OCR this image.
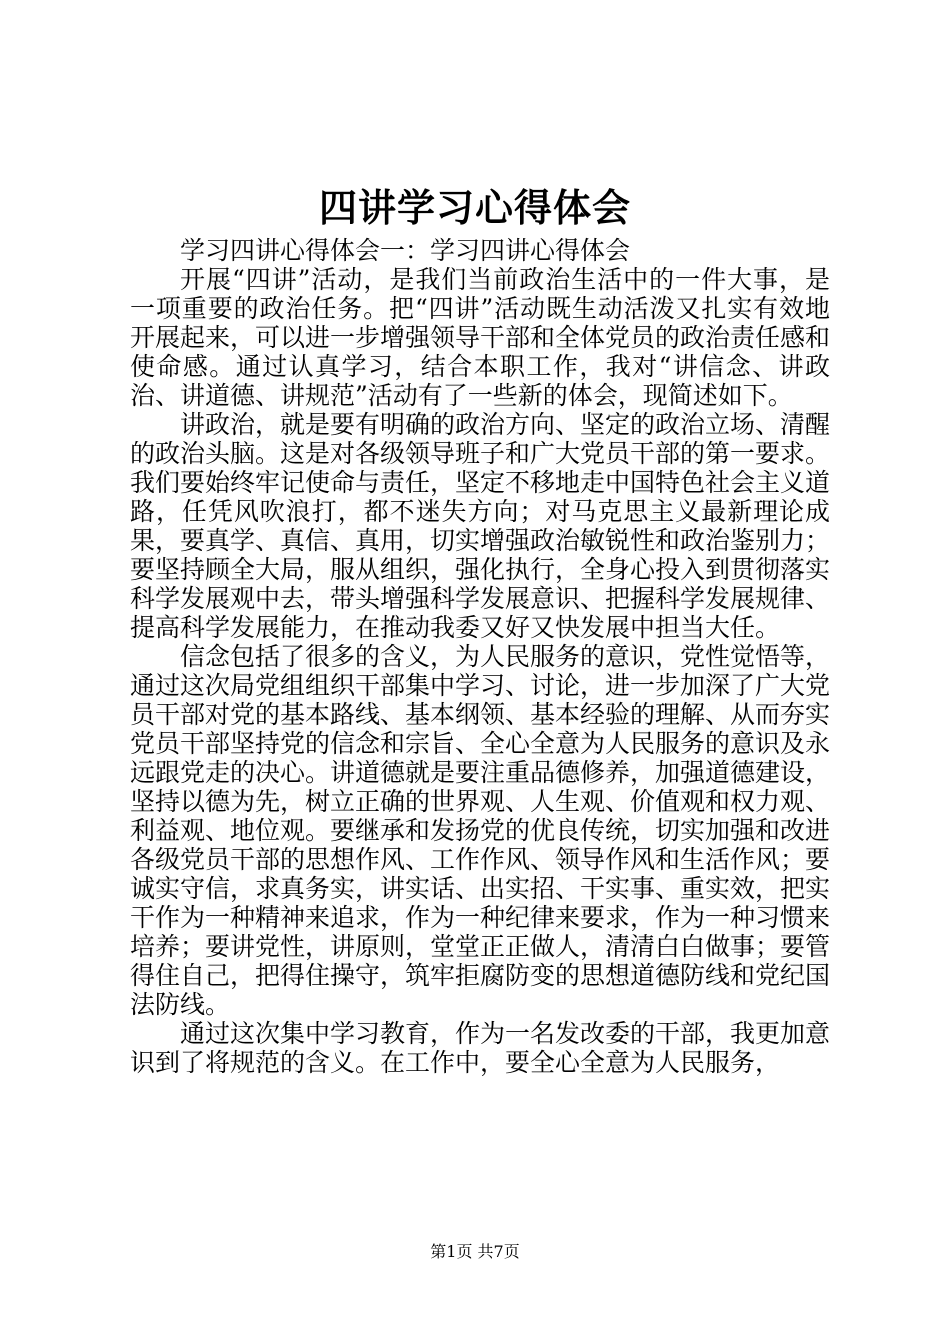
四讲学习心得体会

学习四讲心得体会一：学习四讲心得体会

开展“四讲”活动，是我们当前政治生活中的一件大事，是一项重要的政治任务。把“四讲”活动既生动活泼又扎实有效地开展起来，可以进一步增强领导干部和全体党员的政治责任感和使命感。通过认真学习，结合本职工作，我对“讲信念、讲政治、讲道德、讲规范”活动有了一些新的体会，现简述如下。

讲政治，就是要有明确的政治方向、坚定的政治立场、清醒的政治头脑。这是对各级领导班子和广大党员干部的第一要求。我们要始终牢记使命与责任，坚定不移地走中国特色社会主义道路，任凭风吹浪打，都不迷失方向；对马克思主义最新理论成果，要真学、真信、真用，切实增强政治敏锐性和政治鉴别力；要坚持顾全大局，服从组织，强化执行，全身心投入到贯彻落实科学发展观中去，带头增强科学发展意识、把握科学发展规律、提高科学发展能力，在推动我委又好又快发展中担当大任。

信念包括了很多的含义，为人民服务的意识，党性觉悟等，通过这次局党组组织干部集中学习、讨论，进一步加深了广大党员干部对党的基本路线、基本纲领、基本经验的理解、从而夯实党员干部坚持党的信念和宗旨、全心全意为人民服务的意识及永远跟党走的决心。讲道德就是要注重品德修养，加强道德建设，坚持以德为先，树立正确的世界观、人生观、价值观和权力观、利益观、地位观。要继承和发扬党的优良传统，切实加强和改进各级党员干部的思想作风、工作作风、领导作风和生活作风；要诚实守信，求真务实，讲实话、出实招、干实事、重实效，把实干作为一种精神来追求，作为一种纪律来要求，作为一种习惯来培养；要讲党性，讲原则，堂堂正正做人，清清白白做事；要管得住自己，把得住操守，筑牢拒腐防变的思想道德防线和党纪国法防线。

通过这次集中学习教育，作为一名发改委的干部，我更加意识到了将规范的含义。在工作中，要全心全意为人民服务，

第1页 共7页
